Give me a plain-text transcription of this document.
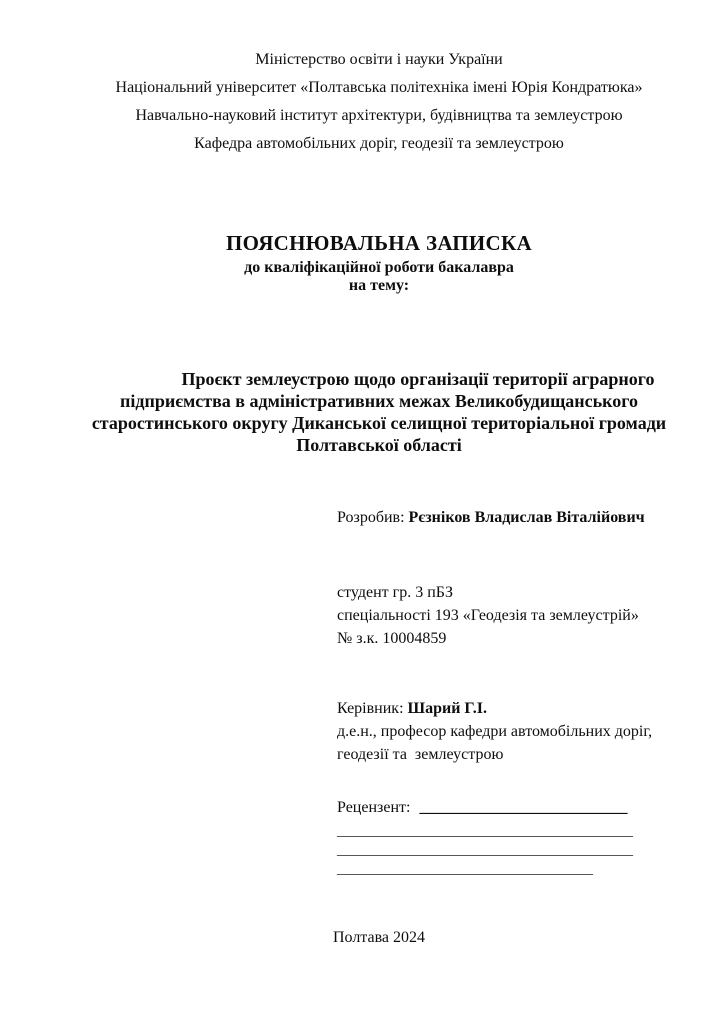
Міністерство освіти і науки України

Національний університет «Полтавська політехніка імені Юрія Кондратюка»

Навчально-науковий інститут архітектури, будівництва та землеустрою

Кафедра автомобільних доріг, геодезії та землеустрою

ПОЯСНЮВАЛЬНА ЗАПИСКА

до кваліфікаційної роботи бакалавра

на тему:

Проєкт землеустрою щодо організації території аграрного

підприємства в адміністративних межах Великобудищанського

старостинського округу Диканської селищної територіальної громади

Полтавської області

Розробив: Рєзніков Владислав Віталійович

студент гр. 3 пБЗ

спеціальності 193 «Геодезія та землеустрій»

№ з.к. 10004859

Керівник: Шарий Г.І.

д.е.н., професор кафедри автомобільних доріг,

геодезії та  землеустрою

Рецензент: __________________________

_____________________________________

_____________________________________

________________________________

Полтава 2024
